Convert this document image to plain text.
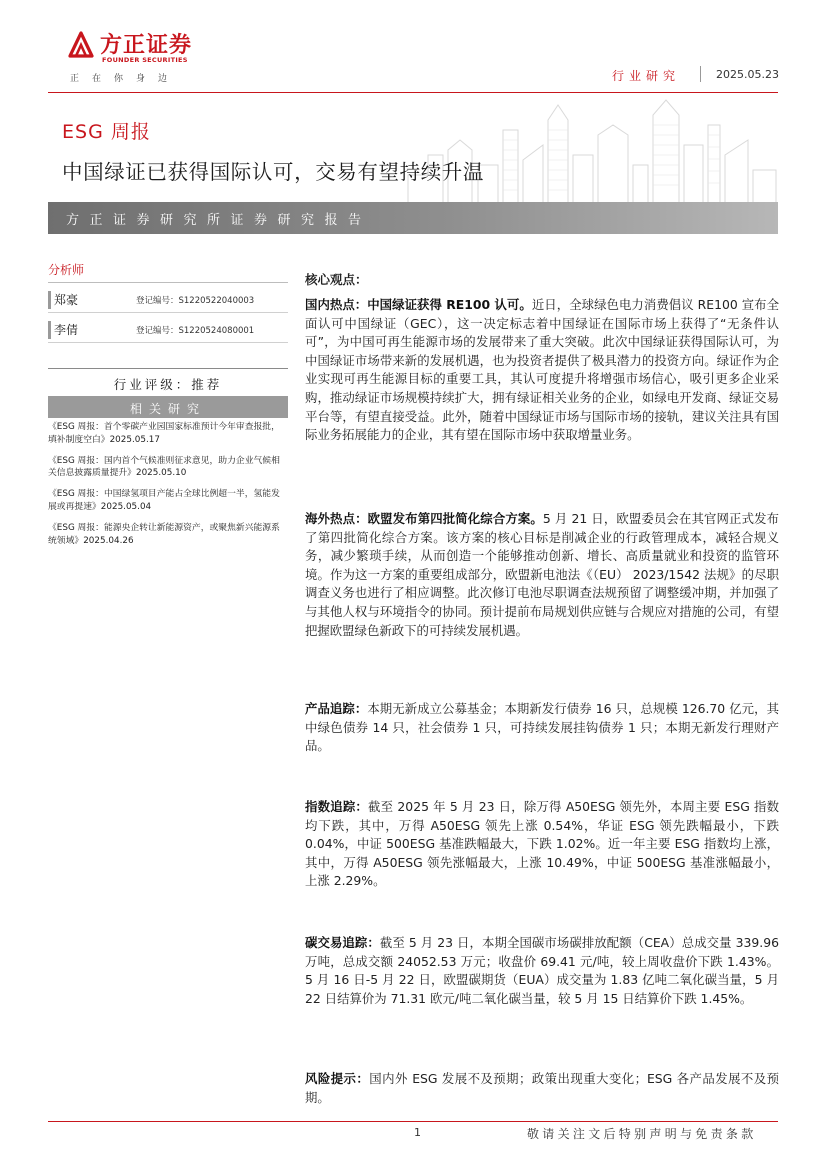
方正证券
FOUNDER SECURITIES
正在你身边	行业研究	2025.05.23
ESG 周报
中国绿证已获得国际认可，交易有望持续升温
方正证券研究所证券研究报告
分析师
郑豪	登记编号：S1220522040003
李倩	登记编号：S1220524080001
行业评级：推荐
相关研究
《ESG 周报：首个零碳产业园国家标准预计今年审查报批，填补制度空白》2025.05.17
《ESG 周报：国内首个气候准则征求意见，助力企业气候相关信息披露质量提升》2025.05.10
《ESG 周报：中国绿氢项目产能占全球比例超一半，氢能发展或再提速》2025.05.04
《ESG 周报：能源央企转让新能源资产，或聚焦新兴能源系统领域》2025.04.26
核心观点：
国内热点：中国绿证获得 RE100 认可。近日，全球绿色电力消费倡议 RE100 宣布全面认可中国绿证（GEC），这一决定标志着中国绿证在国际市场上获得了“无条件认可”，为中国可再生能源市场的发展带来了重大突破。此次中国绿证获得国际认可，为中国绿证市场带来新的发展机遇，也为投资者提供了极具潜力的投资方向。绿证作为企业实现可再生能源目标的重要工具，其认可度提升将增强市场信心，吸引更多企业采购，推动绿证市场规模持续扩大，拥有绿证相关业务的企业，如绿电开发商、绿证交易平台等，有望直接受益。此外，随着中国绿证市场与国际市场的接轨，建议关注具有国际业务拓展能力的企业，其有望在国际市场中获取增量业务。
海外热点：欧盟发布第四批简化综合方案。5 月 21 日，欧盟委员会在其官网正式发布了第四批简化综合方案。该方案的核心目标是削减企业的行政管理成本，减轻合规义务，减少繁琐手续，从而创造一个能够推动创新、增长、高质量就业和投资的监管环境。作为这一方案的重要组成部分，欧盟新电池法《（EU） 2023/1542 法规》的尽职调查义务也进行了相应调整。此次修订电池尽职调查法规预留了调整缓冲期，并加强了与其他人权与环境指令的协同。预计提前布局规划供应链与合规应对措施的公司，有望把握欧盟绿色新政下的可持续发展机遇。
产品追踪：本期无新成立公募基金；本期新发行债券 16 只，总规模 126.70 亿元，其中绿色债券 14 只，社会债券 1 只，可持续发展挂钩债券 1 只；本期无新发行理财产品。
指数追踪：截至 2025 年 5 月 23 日，除万得 A50ESG 领先外，本周主要 ESG 指数均下跌，其中，万得 A50ESG 领先上涨 0.54%，华证 ESG 领先跌幅最小，下跌 0.04%，中证 500ESG 基准跌幅最大，下跌 1.02%。近一年主要 ESG 指数均上涨，其中，万得 A50ESG 领先涨幅最大，上涨 10.49%，中证 500ESG 基准涨幅最小，上涨 2.29%。
碳交易追踪：截至 5 月 23 日，本期全国碳市场碳排放配额（CEA）总成交量 339.96 万吨，总成交额 24052.53 万元；收盘价 69.41 元/吨，较上周收盘价下跌 1.43%。5 月 16 日-5 月 22 日，欧盟碳期货（EUA）成交量为 1.83 亿吨二氧化碳当量，5 月 22 日结算价为 71.31 欧元/吨二氧化碳当量，较 5 月 15 日结算价下跌 1.45%。
风险提示：国内外 ESG 发展不及预期；政策出现重大变化；ESG 各产品发展不及预期。
1	敬请关注文后特别声明与免责条款
